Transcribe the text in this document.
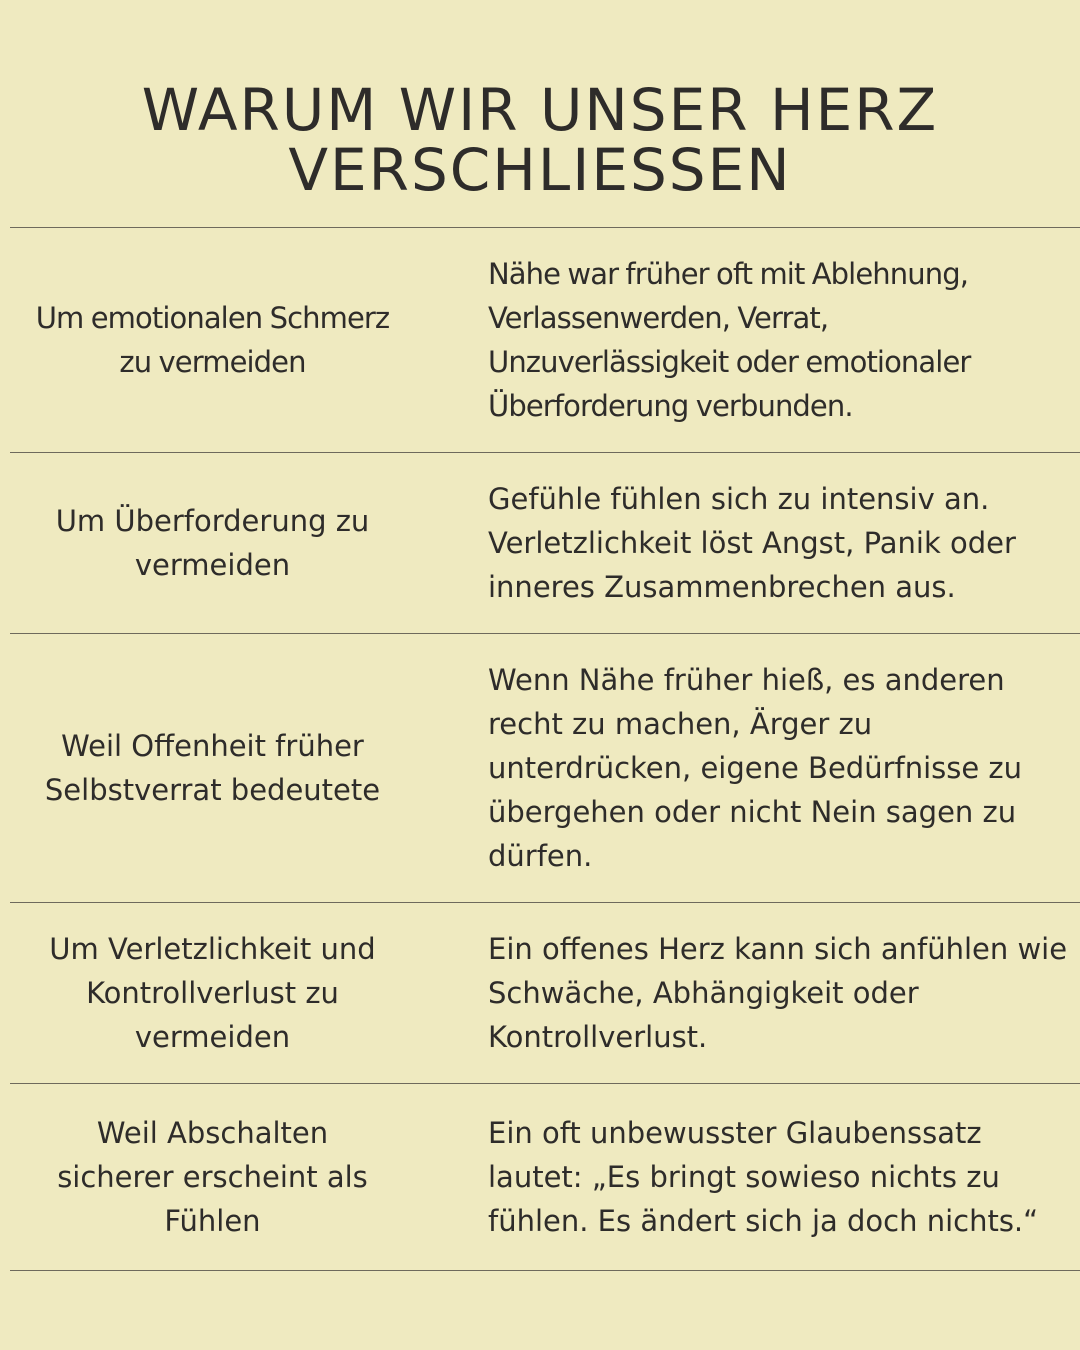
WARUM WIR UNSER HERZ
VERSCHLIESSEN
Um emotionalen Schmerz zu vermeiden
Nähe war früher oft mit Ablehnung, Verlassenwerden, Verrat, Unzuverlässigkeit oder emotionaler Überforderung verbunden.
Um Überforderung zu vermeiden
Gefühle fühlen sich zu intensiv an. Verletzlichkeit löst Angst, Panik oder inneres Zusammenbrechen aus.
Weil Offenheit früher Selbstverrat bedeutete
Wenn Nähe früher hieß, es anderen recht zu machen, Ärger zu unterdrücken, eigene Bedürfnisse zu übergehen oder nicht Nein sagen zu dürfen.
Um Verletzlichkeit und Kontrollverlust zu vermeiden
Ein offenes Herz kann sich anfühlen wie Schwäche, Abhängigkeit oder Kontrollverlust.
Weil Abschalten sicherer erscheint als Fühlen
Ein oft unbewusster Glaubenssatz lautet: „Es bringt sowieso nichts zu fühlen. Es ändert sich ja doch nichts.“
